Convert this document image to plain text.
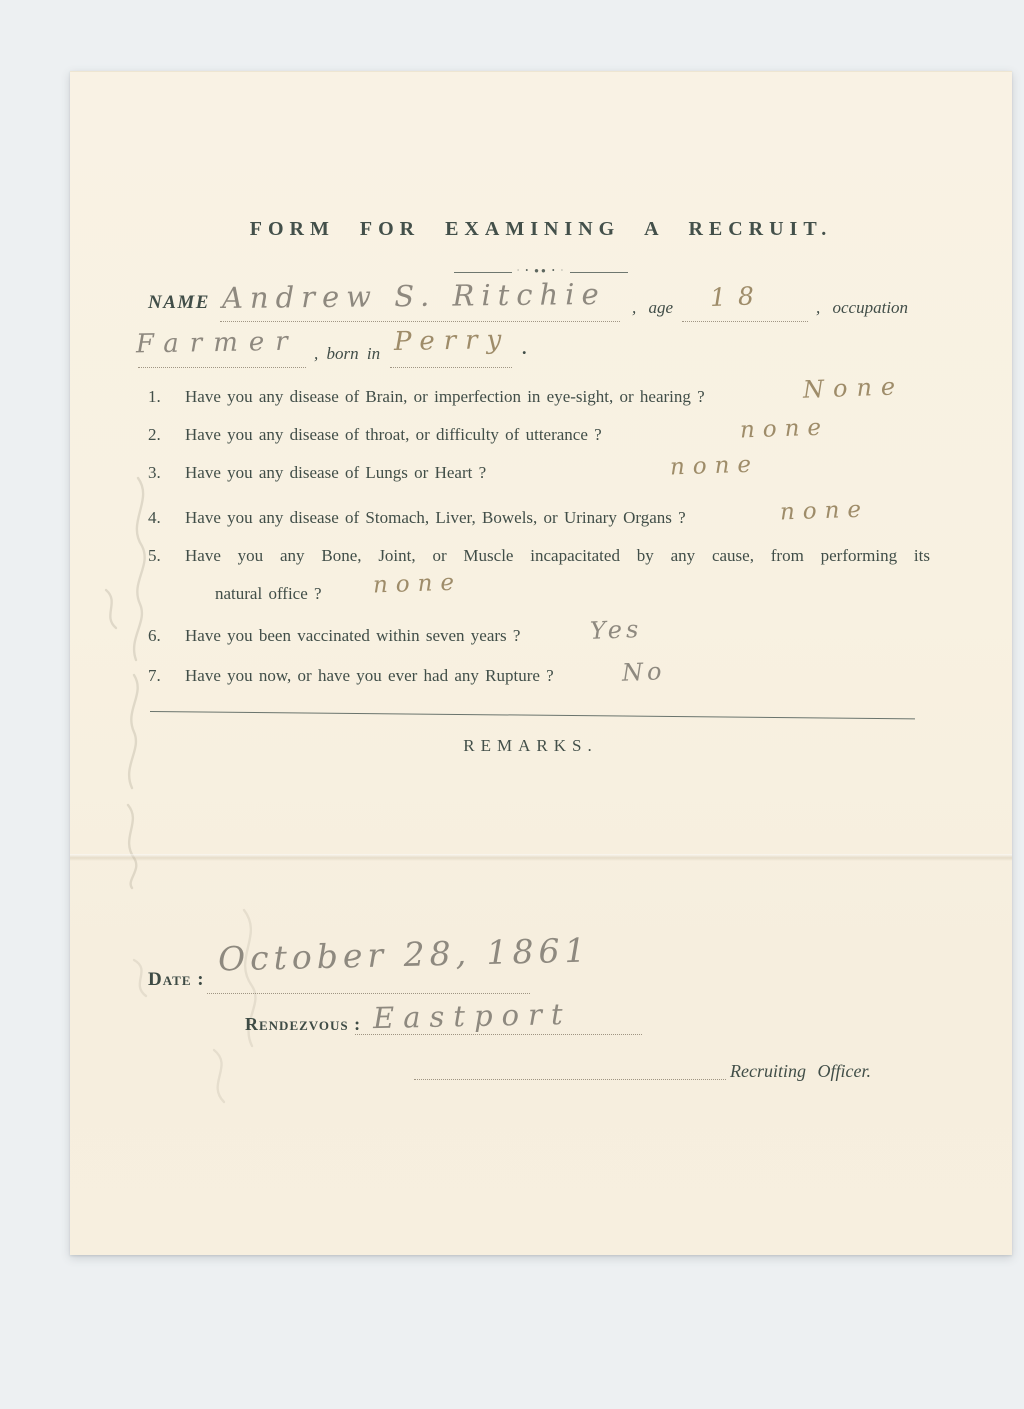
FORM FOR EXAMINING A RECRUIT.
· • ●● • ·
NAME Andrew S. Ritchie , age 18	, occupation
Farmer , born in Perry .
1. Have you any disease of Brain, or imperfection in eye-sight, or hearing ?
2. Have you any disease of throat, or difficulty of utterance ?
3. Have you any disease of Lungs or Heart ?
4. Have you any disease of Stomach, Liver, Bowels, or Urinary Organs ?
5. Have you any Bone, Joint, or Muscle incapacitated by any cause, from performing its
natural office ?
6. Have you been vaccinated within seven years ?
7. Have you now, or have you ever had any Rupture ?
None
none
none
none
none
Yes
No
REMARKS.
Date :
October 28, 1861
Rendezvous : Eastport
Recruiting Officer.
